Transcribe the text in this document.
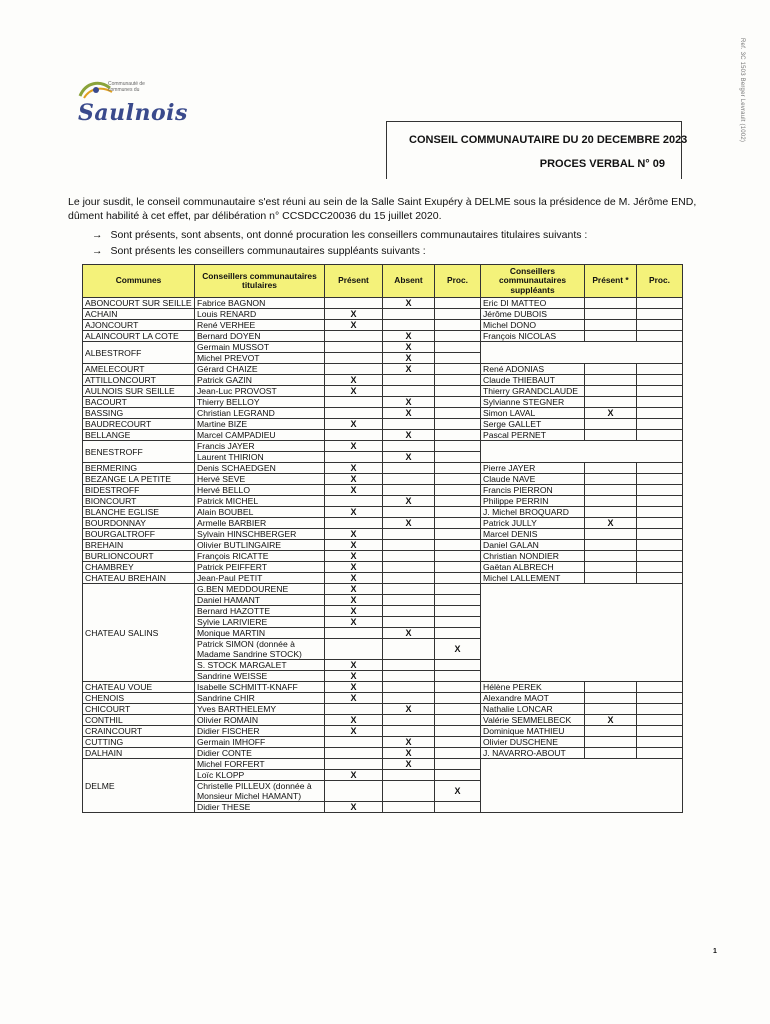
Ref. 3C 1503 Berger Levrault (1002)
Communauté de communes du
Saulnois
CONSEIL COMMUNAUTAIRE DU 20 DECEMBRE 2023
PROCES VERBAL N° 09
Le jour susdit, le conseil communautaire s'est réuni au sein de la Salle Saint Exupéry à DELME sous la présidence de M. Jérôme END, dûment habilité à cet effet, par délibération n° CCSDCC20036 du 15 juillet 2020.
→ Sont présents, sont absents, ont donné procuration les conseillers communautaires titulaires suivants :
→ Sont présents les conseillers communautaires suppléants suivants :
Communes	Conseillers communautaires titulaires	Présent	Absent	Proc.	Conseillers communautaires suppléants	Présent *	Proc.
ABONCOURT SUR SEILLE	Fabrice BAGNON		X		Eric DI MATTEO		
ACHAIN	Louis RENARD	X			Jérôme DUBOIS		
AJONCOURT	René VERHEE	X			Michel DONO		
ALAINCOURT LA COTE	Bernard DOYEN		X		François NICOLAS		
ALBESTROFF	Germain MUSSOT		X				
	Michel PREVOT		X				
AMELECOURT	Gérard CHAIZE		X		René ADONIAS		
ATTILLONCOURT	Patrick GAZIN	X			Claude THIEBAUT		
AULNOIS SUR SEILLE	Jean-Luc PROVOST	X			Thierry GRANDCLAUDE		
BACOURT	Thierry BELLOY		X		Sylvianne STEGNER		
BASSING	Christian LEGRAND		X		Simon LAVAL	X	
BAUDRECOURT	Martine BIZE	X			Serge GALLET		
BELLANGE	Marcel CAMPADIEU		X		Pascal PERNET		
BENESTROFF	Francis JAYER	X					
	Laurent THIRION		X				
BERMERING	Denis SCHAEDGEN	X			Pierre JAYER		
BEZANGE LA PETITE	Hervé SEVE	X			Claude NAVE		
BIDESTROFF	Hervé BELLO	X			Francis PIERRON		
BIONCOURT	Patrick MICHEL		X		Philippe PERRIN		
BLANCHE EGLISE	Alain BOUBEL	X			J. Michel BROQUARD		
BOURDONNAY	Armelle BARBIER		X		Patrick JULLY	X	
BOURGALTROFF	Sylvain HINSCHBERGER	X			Marcel DENIS		
BREHAIN	Olivier BUTLINGAIRE	X			Daniel GALAN		
BURLIONCOURT	François RICATTE	X			Christian NONDIER		
CHAMBREY	Patrick PEIFFERT	X			Gaëtan ALBRECH		
CHATEAU BREHAIN	Jean-Paul PETIT	X			Michel LALLEMENT		
CHATEAU SALINS	G.BEN MEDDOURENE	X					
	Daniel HAMANT	X					
	Bernard HAZOTTE	X					
	Sylvie LARIVIERE	X					
	Monique MARTIN		X				
	Patrick SIMON (donnée à Madame Sandrine STOCK)			X			
	S. STOCK MARGALET	X					
	Sandrine WEISSE	X					
CHATEAU VOUE	Isabelle SCHMITT-KNAFF	X			Hélène PEREK		
CHENOIS	Sandrine CHIR	X			Alexandre MAOT		
CHICOURT	Yves BARTHELEMY		X		Nathalie LONCAR		
CONTHIL	Olivier ROMAIN	X			Valérie SEMMELBECK	X	
CRAINCOURT	Didier FISCHER	X			Dominique MATHIEU		
CUTTING	Germain IMHOFF		X		Olivier DUSCHENE		
DALHAIN	Didier CONTE		X		J. NAVARRO-ABOUT		
DELME	Michel FORFERT		X				
	Loïc KLOPP	X					
	Christelle PILLEUX (donnée à Monsieur Michel HAMANT)			X			
	Didier THESE	X					
1
